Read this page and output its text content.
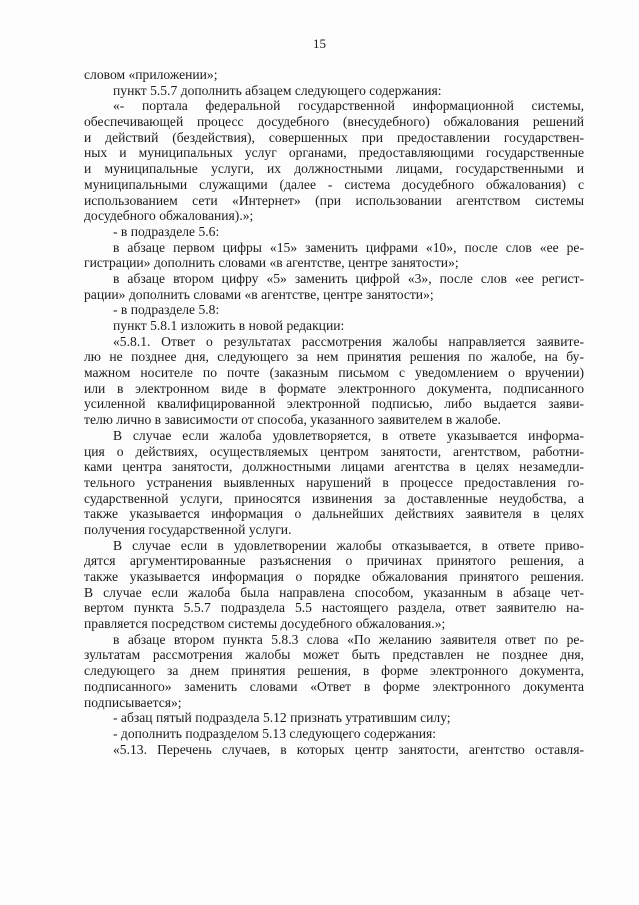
15
словом «приложении»;
пункт 5.5.7 дополнить абзацем следующего содержания:
«- портала федеральной государственной информационной системы,
обеспечивающей процесс досудебного (внесудебного) обжалования решений
и действий (бездействия), совершенных при предоставлении государствен-
ных и муниципальных услуг органами, предоставляющими государственные
и муниципальные услуги, их должностными лицами, государственными и
муниципальными служащими (далее - система досудебного обжалования) с
использованием сети «Интернет» (при использовании агентством системы
досудебного обжалования).»;
- в подразделе 5.6:
в абзаце первом цифры «15» заменить цифрами «10», после слов «ее ре-
гистрации» дополнить словами «в агентстве, центре занятости»;
в абзаце втором цифру «5» заменить цифрой «3», после слов «ее регист-
рации» дополнить словами «в агентстве, центре занятости»;
- в подразделе 5.8:
пункт 5.8.1 изложить в новой редакции:
«5.8.1. Ответ о результатах рассмотрения жалобы направляется заявите-
лю не позднее дня, следующего за нем принятия решения по жалобе, на бу-
мажном носителе по почте (заказным письмом с уведомлением о вручении)
или в электронном виде в формате электронного документа, подписанного
усиленной квалифицированной электронной подписью, либо выдается заяви-
телю лично в зависимости от способа, указанного заявителем в жалобе.
В случае если жалоба удовлетворяется, в ответе указывается информа-
ция о действиях, осуществляемых центром занятости, агентством, работни-
ками центра занятости, должностными лицами агентства в целях незамедли-
тельного устранения выявленных нарушений в процессе предоставления го-
сударственной услуги, приносятся извинения за доставленные неудобства, а
также указывается информация о дальнейших действиях заявителя в целях
получения государственной услуги.
В случае если в удовлетворении жалобы отказывается, в ответе приво-
дятся аргументированные разъяснения о причинах принятого решения, а
также указывается информация о порядке обжалования принятого решения.
В случае если жалоба была направлена способом, указанным в абзаце чет-
вертом пункта 5.5.7 подраздела 5.5 настоящего раздела, ответ заявителю на-
правляется посредством системы досудебного обжалования.»;
в абзаце втором пункта 5.8.3 слова «По желанию заявителя ответ по ре-
зультатам рассмотрения жалобы может быть представлен не позднее дня,
следующего за днем принятия решения, в форме электронного документа,
подписанного» заменить словами «Ответ в форме электронного документа
подписывается»;
- абзац пятый подраздела 5.12 признать утратившим силу;
- дополнить подразделом 5.13 следующего содержания:
«5.13. Перечень случаев, в которых центр занятости, агентство оставля-
